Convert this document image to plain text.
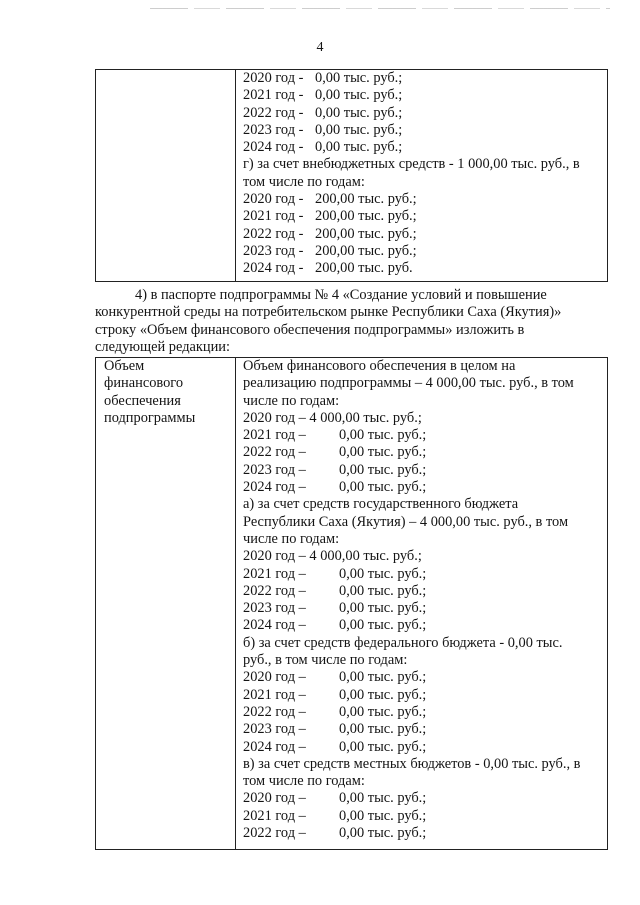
4
2020 год - 0,00 тыс. руб.;
2021 год - 0,00 тыс. руб.;
2022 год - 0,00 тыс. руб.;
2023 год - 0,00 тыс. руб.;
2024 год - 0,00 тыс. руб.;
г) за счет внебюджетных средств - 1 000,00 тыс. руб., в
том числе по годам:
2020 год - 200,00 тыс. руб.;
2021 год - 200,00 тыс. руб.;
2022 год - 200,00 тыс. руб.;
2023 год - 200,00 тыс. руб.;
2024 год - 200,00 тыс. руб.
4) в паспорте подпрограммы № 4 «Создание условий и повышение
конкурентной среды на потребительском рынке Республики Саха (Якутия)»
строку «Объем финансового обеспечения подпрограммы» изложить в
следующей редакции:
Объем
финансового
обеспечения
подпрограммы
Объем финансового обеспечения в целом на
реализацию подпрограммы – 4 000,00 тыс. руб., в том
числе по годам:
2020 год – 4 000,00 тыс. руб.;
2021 год – 0,00 тыс. руб.;
2022 год – 0,00 тыс. руб.;
2023 год – 0,00 тыс. руб.;
2024 год – 0,00 тыс. руб.;
а) за счет средств государственного бюджета
Республики Саха (Якутия) – 4 000,00 тыс. руб., в том
числе по годам:
2020 год – 4 000,00 тыс. руб.;
2021 год – 0,00 тыс. руб.;
2022 год – 0,00 тыс. руб.;
2023 год – 0,00 тыс. руб.;
2024 год – 0,00 тыс. руб.;
б) за счет средств федерального бюджета - 0,00 тыс.
руб., в том числе по годам:
2020 год – 0,00 тыс. руб.;
2021 год – 0,00 тыс. руб.;
2022 год – 0,00 тыс. руб.;
2023 год – 0,00 тыс. руб.;
2024 год – 0,00 тыс. руб.;
в) за счет средств местных бюджетов - 0,00 тыс. руб., в
том числе по годам:
2020 год – 0,00 тыс. руб.;
2021 год – 0,00 тыс. руб.;
2022 год – 0,00 тыс. руб.;
